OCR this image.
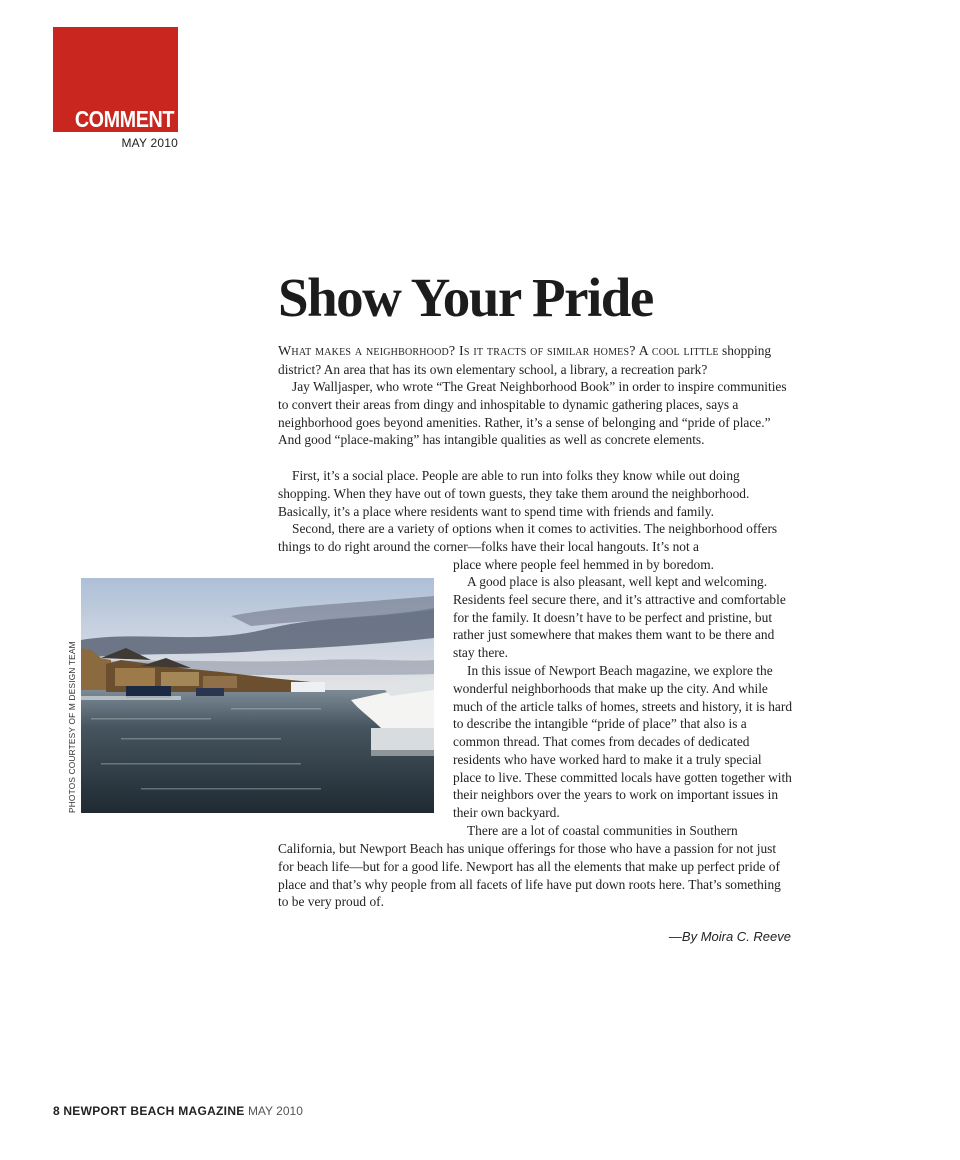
COMMENT
MAY 2010
Show Your Pride

What makes a neighborhood? Is it tracts of similar homes? A cool little shopping district? An area that has its own elementary school, a library, a recreation park?

Jay Walljasper, who wrote “The Great Neighborhood Book” in order to inspire communities to convert their areas from dingy and inhospitable to dynamic gathering places, says a neighborhood goes beyond amenities. Rather, it’s a sense of belonging and “pride of place.” And good “place-making” has intangible qualities as well as concrete elements.

First, it’s a social place. People are able to run into folks they know while out doing shopping. When they have out of town guests, they take them around the neighborhood. Basically, it’s a place where residents want to spend time with friends and family.

Second, there are a variety of options when it comes to activities. The neighborhood offers things to do right around the corner—folks have their local hangouts. It’s not a

place where people feel hemmed in by boredom.

A good place is also pleasant, well kept and welcoming. Residents feel secure there, and it’s attractive and comfortable for the family. It doesn’t have to be perfect and pristine, but rather just somewhere that makes them want to be there and stay there.

In this issue of Newport Beach magazine, we explore the wonderful neighborhoods that make up the city. And while much of the article talks of homes, streets and history, it is hard to describe the intangible “pride of place” that also is a common thread. That comes from decades of dedicated residents who have worked hard to make it a truly special place to live. These committed locals have gotten together with their neighbors over the years to work on important issues in their own backyard.

There are a lot of coastal communities in Southern

California, but Newport Beach has unique offerings for those who have a passion for not just for beach life—but for a good life. Newport has all the elements that make up perfect pride of place and that’s why people from all facets of life have put down roots here. That’s something to be very proud of.

PHOTOS COURTESY OF M DESIGN TEAM
—By Moira C. Reeve
8 NEWPORT BEACH MAGAZINE MAY 2010
